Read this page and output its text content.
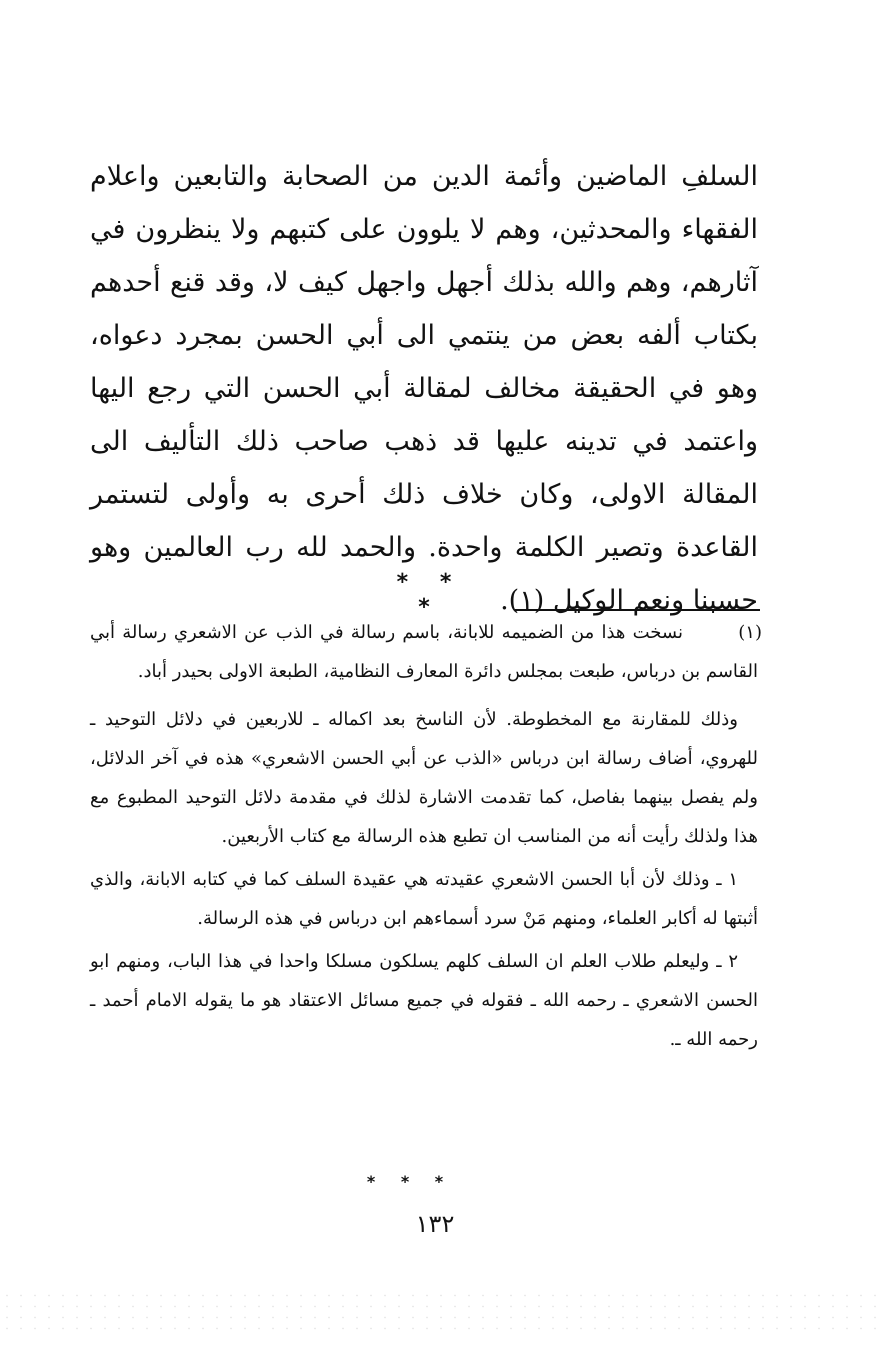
السلفِ الماضين وأئمة الدين من الصحابة والتابعين واعلام الفقهاء والمحدثين، وهم لا يلوون على كتبهم ولا ينظرون في آثارهم، وهم والله بذلك أجهل واجهل كيف لا، وقد قنع أحدهم بكتاب ألفه بعض من ينتمي الى أبي الحسن بمجرد دعواه، وهو في الحقيقة مخالف لمقالة أبي الحسن التي رجع اليها واعتمد في تدينه عليها قد ذهب صاحب ذلك التأليف الى المقالة الاولى، وكان خلاف ذلك أحرى به وأولى لتستمر القاعدة وتصير الكلمة واحدة. والحمد لله رب العالمين وهو حسبنا ونعم الوكيل (١).

* * *
(١)
نسخت هذا من الضميمه للابانة، باسم رسالة في الذب عن الاشعري رسالة أبي القاسم بن درباس، طبعت بمجلس دائرة المعارف النظامية، الطبعة الاولى بحيدر أباد.

وذلك للمقارنة مع المخطوطة. لأن الناسخ بعد اكماله ـ للاربعين في دلائل التوحيد ـ للهروي، أضاف رسالة ابن درباس «الذب عن أبي الحسن الاشعري» هذه في آخر الدلائل، ولم يفصل بينهما بفاصل، كما تقدمت الاشارة لذلك في مقدمة دلائل التوحيد المطبوع مع هذا ولذلك رأيت أنه من المناسب ان تطبع هذه الرسالة مع كتاب الأربعين.

١ ـ وذلك لأن أبا الحسن الاشعري عقيدته هي عقيدة السلف كما في كتابه الابانة، والذي أثبتها له أكابر العلماء، ومنهم مَنْ سرد أسماءهم ابن درباس في هذه الرسالة.

٢ ـ وليعلم طلاب العلم ان السلف كلهم يسلكون مسلكا واحدا في هذا الباب، ومنهم ابو الحسن الاشعري ـ رحمه الله ـ فقوله في جميع مسائل الاعتقاد هو ما يقوله الامام أحمد ـ رحمه الله ـ.

* * *
١٣٢
